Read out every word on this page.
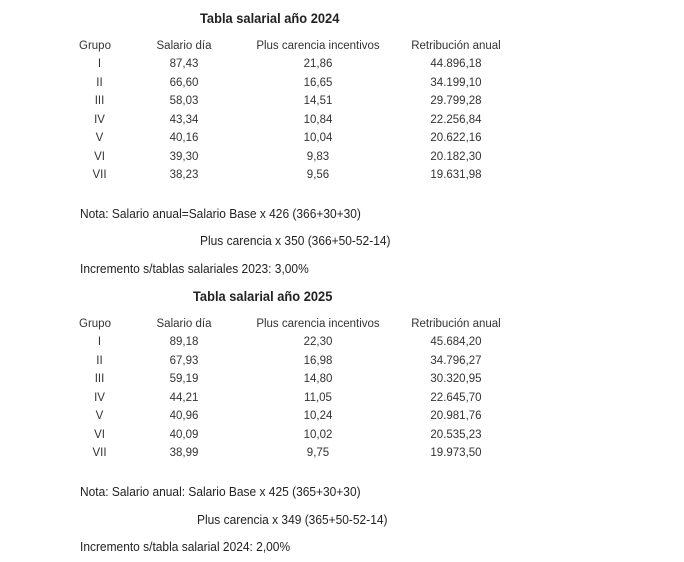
Tabla salarial año 2024
Grupo	Salario día	Plus carencia incentivos	Retribución anual
I	87,43	21,86	44.896,18
II	66,60	16,65	34.199,10
III	58,03	14,51	29.799,28
IV	43,34	10,84	22.256,84
V	40,16	10,04	20.622,16
VI	39,30	9,83	20.182,30
VII	38,23	9,56	19.631,98
Nota: Salario anual=Salario Base x 426 (366+30+30)
Plus carencia x 350 (366+50-52-14)
Incremento s/tablas salariales 2023: 3,00%
Tabla salarial año 2025
Grupo	Salario día	Plus carencia incentivos	Retribución anual
I	89,18	22,30	45.684,20
II	67,93	16,98	34.796,27
III	59,19	14,80	30.320,95
IV	44,21	11,05	22.645,70
V	40,96	10,24	20.981,76
VI	40,09	10,02	20.535,23
VII	38,99	9,75	19.973,50
Nota: Salario anual: Salario Base x 425 (365+30+30)
Plus carencia x 349 (365+50-52-14)
Incremento s/tabla salarial 2024: 2,00%
